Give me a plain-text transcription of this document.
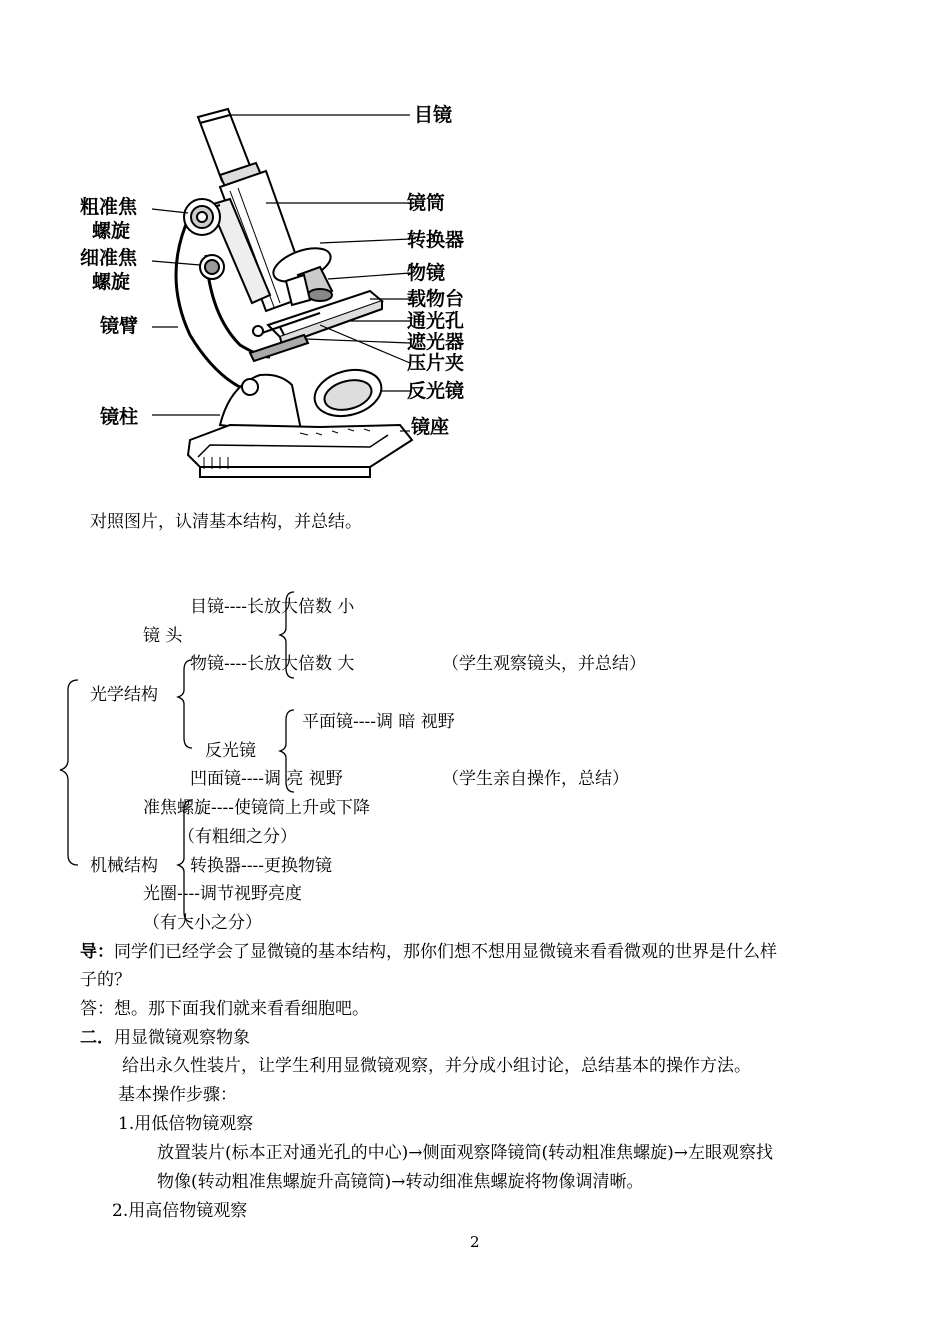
目镜
镜筒
转换器
物镜
载物台
通光孔
遮光器
压片夹
反光镜
镜座
粗准焦
螺旋
细准焦
螺旋
镜臂
镜柱
对照图片，认清基本结构，并总结。
目镜----长放大倍数 小
镜 头
物镜----长放大倍数 大	（学生观察镜头，并总结）
光学结构
平面镜----调 暗 视野
反光镜
凹面镜----调 亮 视野	（学生亲自操作，总结）
准焦螺旋----使镜筒上升或下降
（有粗细之分）
机械结构 转换器----更换物镜
光圈----调节视野亮度
（有大小之分）
导：同学们已经学会了显微镜的基本结构，那你们想不想用显微镜来看看微观的世界是什么样
子的？
答：想。那下面我们就来看看细胞吧。
二．用显微镜观察物象
给出永久性装片，让学生利用显微镜观察，并分成小组讨论，总结基本的操作方法。
基本操作步骤：
1.用低倍物镜观察
放置装片(标本正对通光孔的中心)→侧面观察降镜筒(转动粗准焦螺旋)→左眼观察找
物像(转动粗准焦螺旋升高镜筒)→转动细准焦螺旋将物像调清晰。
2.用高倍物镜观察
2
